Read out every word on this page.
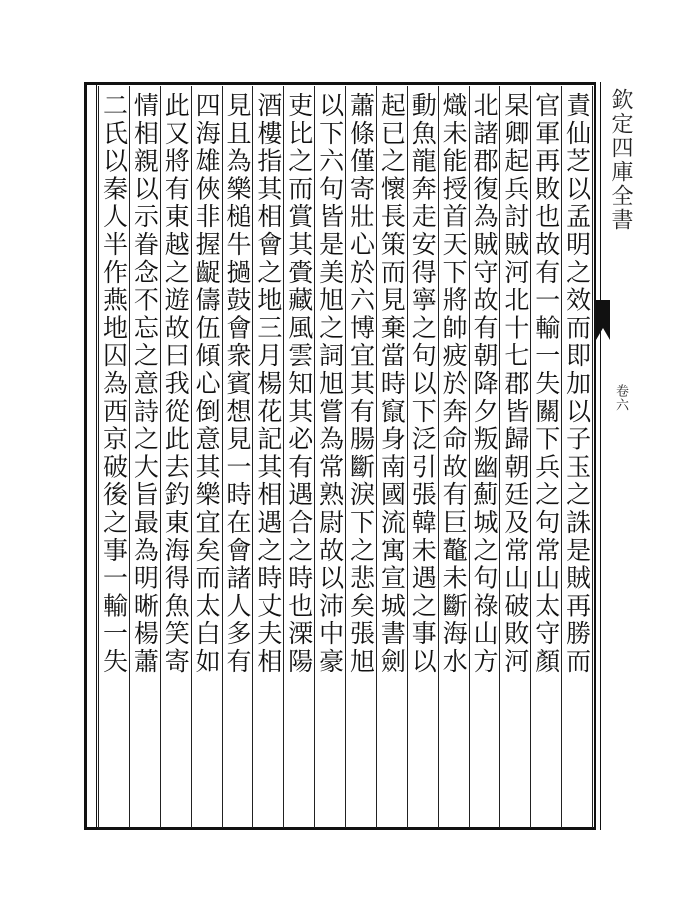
欽定四庫全書
卷六
責仙芝以孟明之效而即加以子玉之誅是賊再勝而
官軍再敗也故有一輸一失關下兵之句常山太守顏
杲卿起兵討賊河北十七郡皆歸朝廷及常山破敗河
北諸郡復為賊守故有朝降夕叛幽薊城之句祿山方
熾未能授首天下將帥疲於奔命故有巨鼇未斷海水
動魚龍奔走安得寧之句以下泛引張韓未遇之事以
起已之懷長策而見棄當時竄身南國流寓宣城書劍
蕭條僅寄壯心於六博宜其有腸斷淚下之悲矣張旭
以下六句皆是美旭之詞旭嘗為常熟尉故以沛中豪
吏比之而賞其賫藏風雲知其必有遇合之時也溧陽
酒樓指其相會之地三月楊花記其相遇之時丈夫相
見且為樂槌牛撾鼓會衆賓想見一時在會諸人多有
四海雄俠非握齪儔伍傾心倒意其樂宜矣而太白如
此又將有東越之遊故曰我從此去釣東海得魚笑寄
情相親以示眷念不忘之意詩之大旨最為明晰楊蕭
二氏以秦人半作燕地囚為西京破後之事一輸一失
